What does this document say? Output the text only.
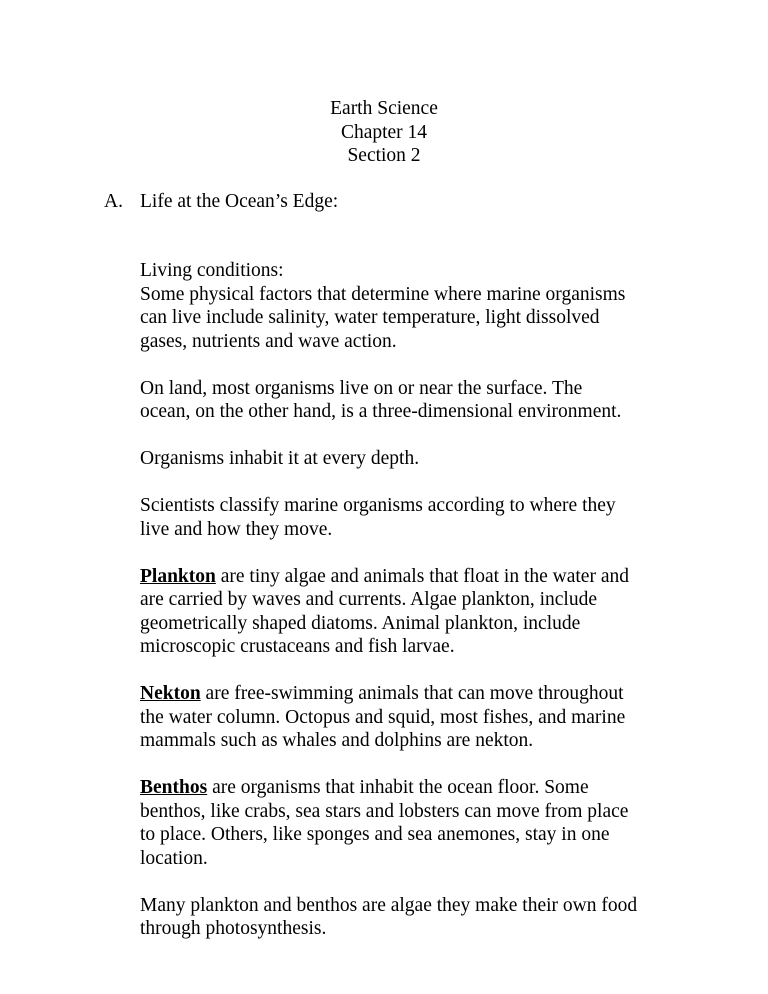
Earth Science
Chapter 14
Section 2
A. Life at the Ocean’s Edge:
Living conditions:
Some physical factors that determine where marine organisms
can live include salinity, water temperature, light dissolved
gases, nutrients and wave action.
On land, most organisms live on or near the surface. The
ocean, on the other hand, is a three-dimensional environment.
Organisms inhabit it at every depth.
Scientists classify marine organisms according to where they
live and how they move.
Plankton are tiny algae and animals that float in the water and
are carried by waves and currents. Algae plankton, include
geometrically shaped diatoms. Animal plankton, include
microscopic crustaceans and fish larvae.
Nekton are free-swimming animals that can move throughout
the water column. Octopus and squid, most fishes, and marine
mammals such as whales and dolphins are nekton.
Benthos are organisms that inhabit the ocean floor. Some
benthos, like crabs, sea stars and lobsters can move from place
to place. Others, like sponges and sea anemones, stay in one
location.
Many plankton and benthos are algae they make their own food
through photosynthesis.
